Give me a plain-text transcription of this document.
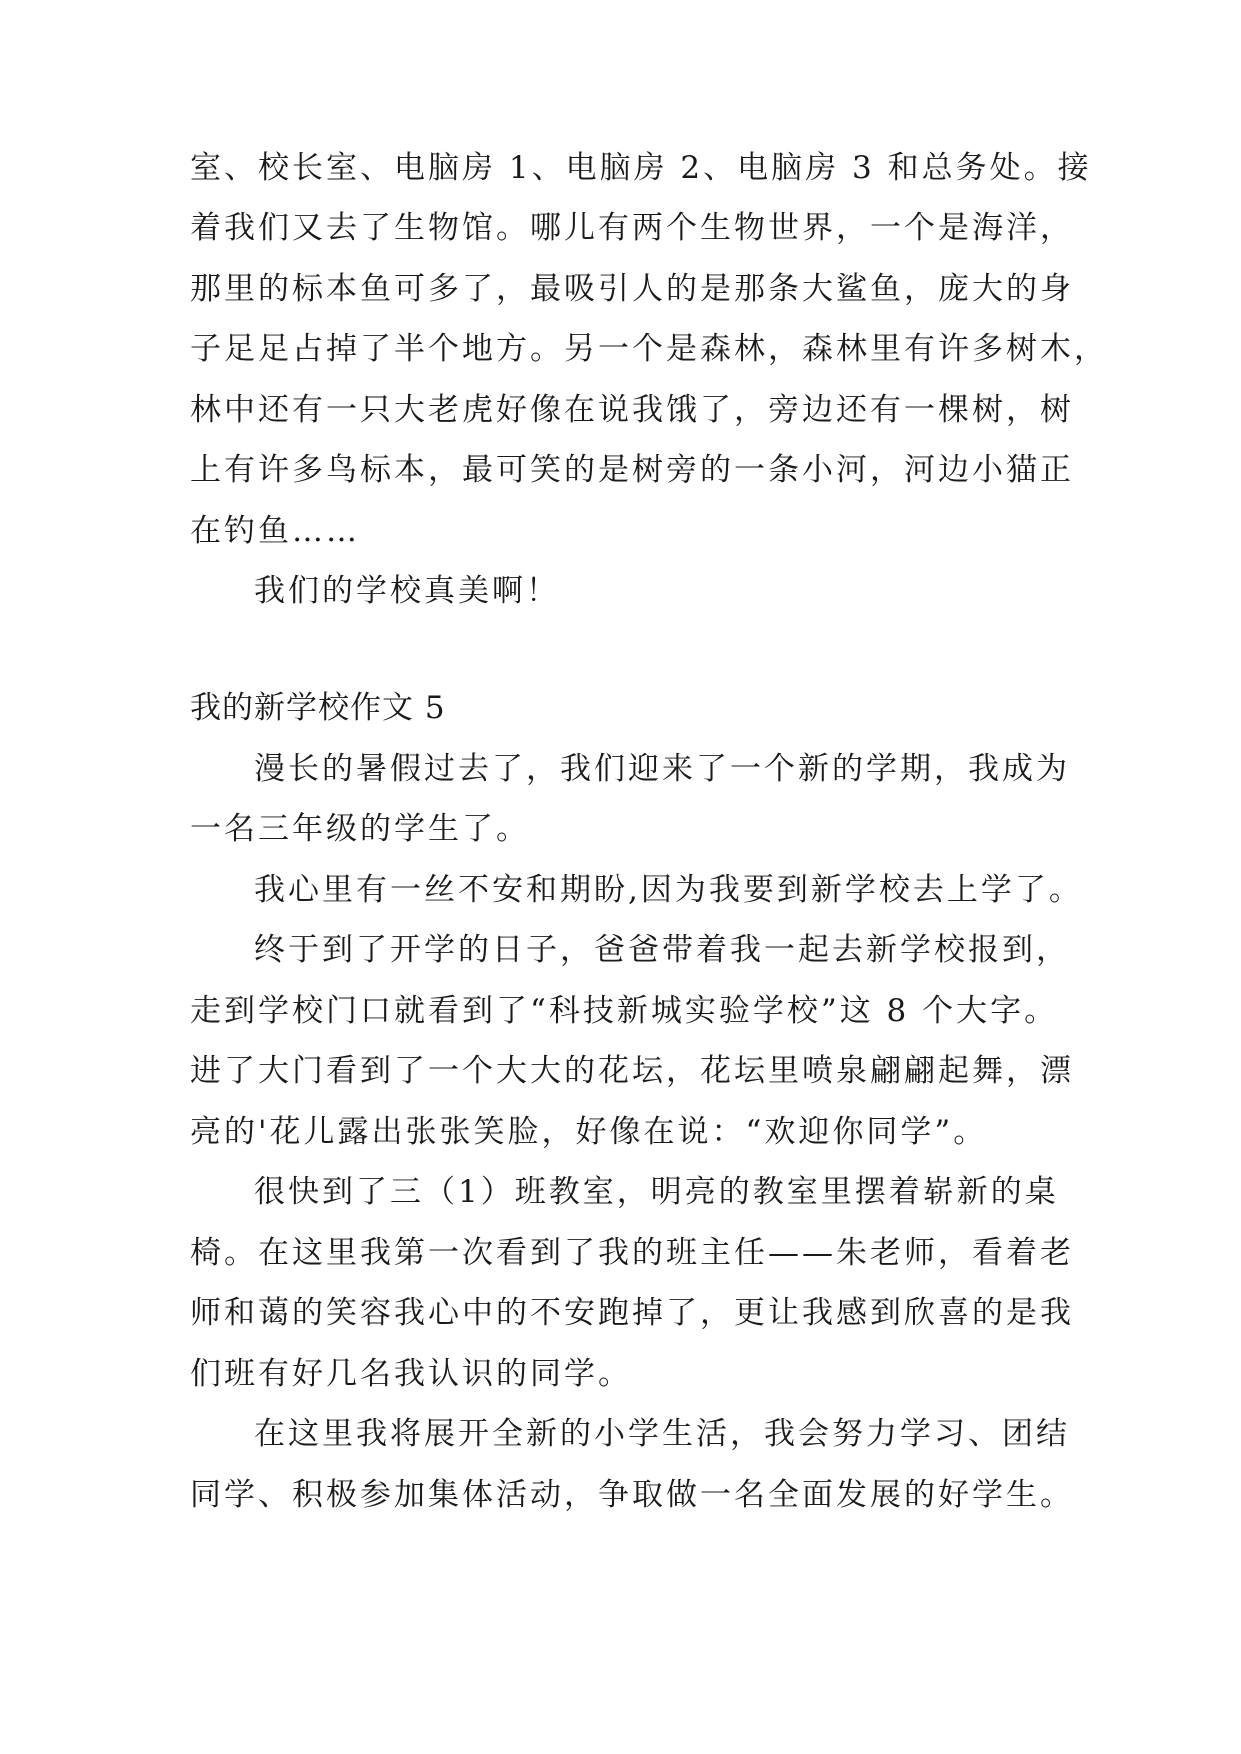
室、校长室、电脑房 1、电脑房 2、电脑房 3 和总务处。接
着我们又去了生物馆。哪儿有两个生物世界，一个是海洋，
那里的标本鱼可多了，最吸引人的是那条大鲨鱼，庞大的身
子足足占掉了半个地方。另一个是森林，森林里有许多树木，
林中还有一只大老虎好像在说我饿了，旁边还有一棵树，树
上有许多鸟标本，最可笑的是树旁的一条小河，河边小猫正
在钓鱼……
我们的学校真美啊！
我的新学校作文 5
漫长的暑假过去了，我们迎来了一个新的学期，我成为
一名三年级的学生了。
我心里有一丝不安和期盼,因为我要到新学校去上学了。
终于到了开学的日子，爸爸带着我一起去新学校报到，
走到学校门口就看到了“科技新城实验学校”这 8 个大字。
进了大门看到了一个大大的花坛，花坛里喷泉翩翩起舞，漂
亮的'花儿露出张张笑脸，好像在说：“欢迎你同学”。
很快到了三（1）班教室，明亮的教室里摆着崭新的桌
椅。在这里我第一次看到了我的班主任——朱老师，看着老
师和蔼的笑容我心中的不安跑掉了，更让我感到欣喜的是我
们班有好几名我认识的同学。
在这里我将展开全新的小学生活，我会努力学习、团结
同学、积极参加集体活动，争取做一名全面发展的好学生。
